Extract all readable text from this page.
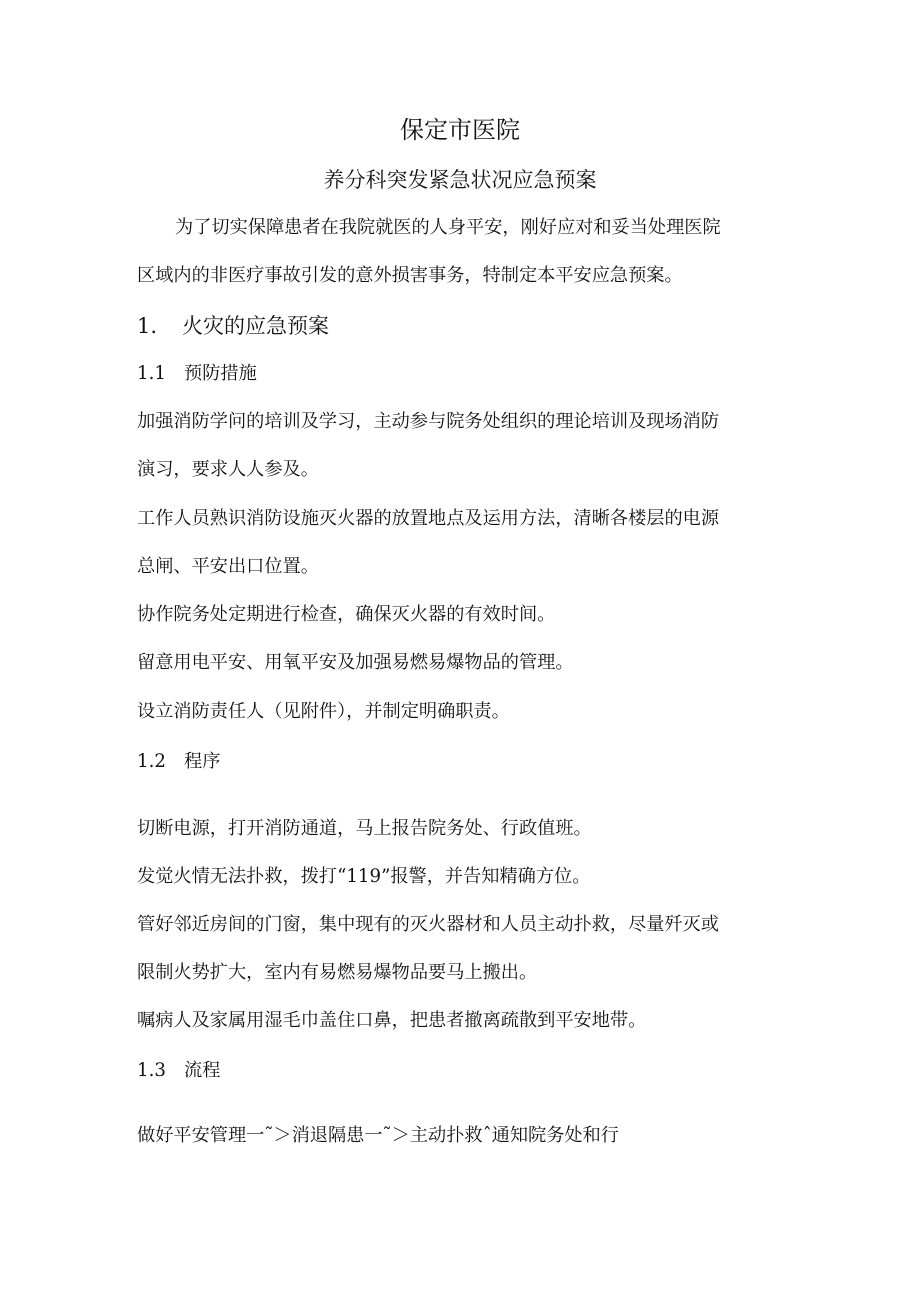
保定市医院
养分科突发紧急状况应急预案
为了切实保障患者在我院就医的人身平安，刚好应对和妥当处理医院
区域内的非医疗事故引发的意外损害事务，特制定本平安应急预案。
1. 火灾的应急预案
1.1 预防措施
加强消防学问的培训及学习，主动参与院务处组织的理论培训及现场消防
演习，要求人人参及。
工作人员熟识消防设施灭火器的放置地点及运用方法，清晰各楼层的电源
总闸、平安出口位置。
协作院务处定期进行检查，确保灭火器的有效时间。
留意用电平安、用氧平安及加强易燃易爆物品的管理。
设立消防责任人（见附件），并制定明确职责。
1.2 程序
切断电源，打开消防通道，马上报告院务处、行政值班。
发觉火情无法扑救，拨打“119”报警，并告知精确方位。
管好邻近房间的门窗，集中现有的灭火器材和人员主动扑救，尽量歼灭或
限制火势扩大，室内有易燃易爆物品要马上搬出。
嘱病人及家属用湿毛巾盖住口鼻，把患者撤离疏散到平安地带。
1.3 流程
做好平安管理一˜＞消退隔患一˜＞主动扑救ˆ通知院务处和行
